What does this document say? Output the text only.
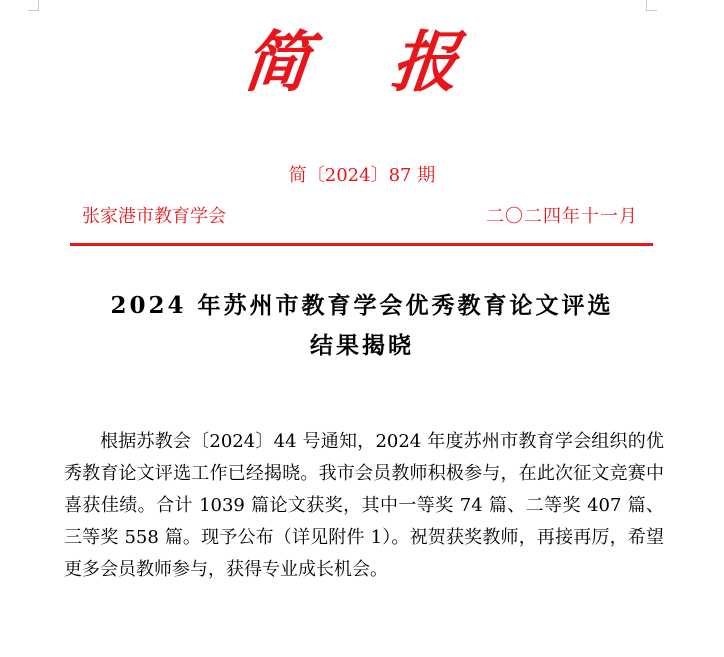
简 报
简〔2024〕87 期
张家港市教育学会	二〇二四年十一月
2024 年苏州市教育学会优秀教育论文评选
结果揭晓

根据苏教会〔2024〕44 号通知，2024 年度苏州市教育学会组织的优秀教育论文评选工作已经揭晓。我市会员教师积极参与，在此次征文竞赛中喜获佳绩。合计 1039 篇论文获奖，其中一等奖 74 篇、二等奖 407 篇、三等奖 558 篇。现予公布（详见附件 1）。祝贺获奖教师，再接再厉，希望更多会员教师参与，获得专业成长机会。
